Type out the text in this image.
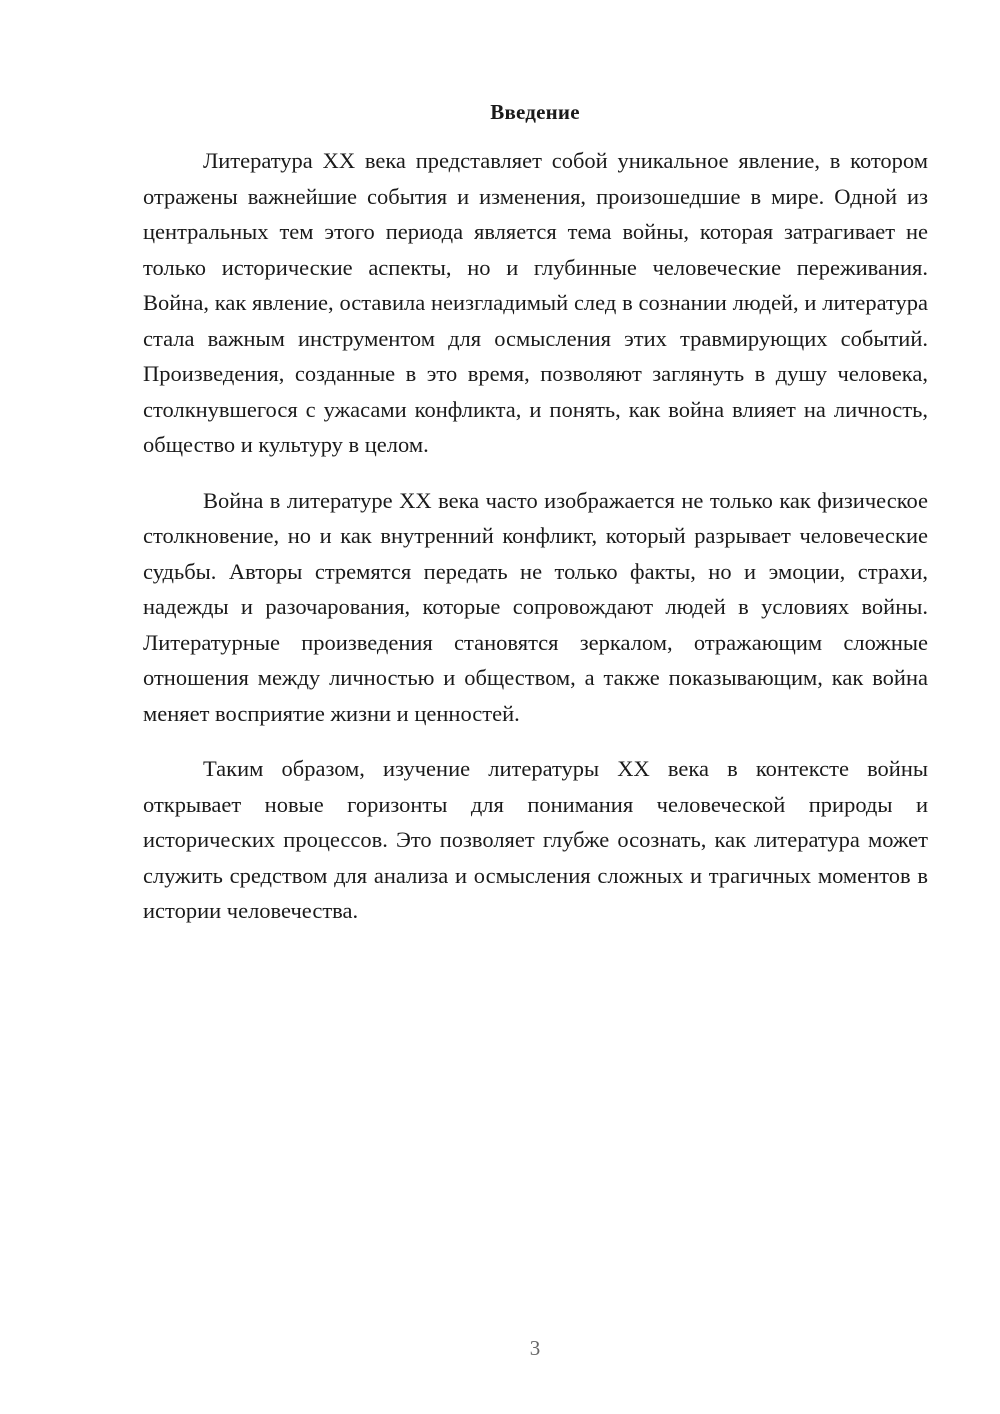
Введение

Литература XX века представляет собой уникальное явление, в котором отражены важнейшие события и изменения, произошедшие в мире. Одной из центральных тем этого периода является тема войны, которая затрагивает не только исторические аспекты, но и глубинные человеческие переживания. Война, как явление, оставила неизгладимый след в сознании людей, и литература стала важным инструментом для осмысления этих травмирующих событий. Произведения, созданные в это время, позволяют заглянуть в душу человека, столкнувшегося с ужасами конфликта, и понять, как война влияет на личность, общество и культуру в целом.

Война в литературе XX века часто изображается не только как физическое столкновение, но и как внутренний конфликт, который разрывает человеческие судьбы. Авторы стремятся передать не только факты, но и эмоции, страхи, надежды и разочарования, которые сопровождают людей в условиях войны. Литературные произведения становятся зеркалом, отражающим сложные отношения между личностью и обществом, а также показывающим, как война меняет восприятие жизни и ценностей.

Таким образом, изучение литературы XX века в контексте войны открывает новые горизонты для понимания человеческой природы и исторических процессов. Это позволяет глубже осознать, как литература может служить средством для анализа и осмысления сложных и трагичных моментов в истории человечества.

3
